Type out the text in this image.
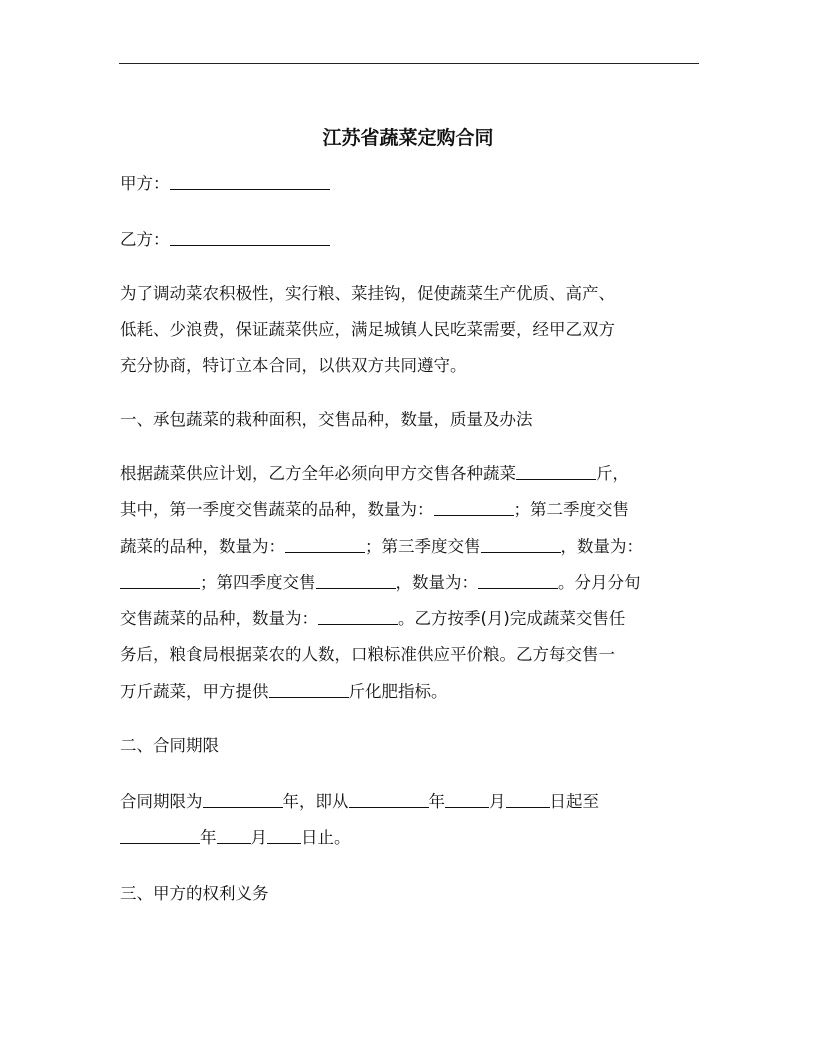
江苏省蔬菜定购合同
甲方：
乙方：
为了调动菜农积极性，实行粮、菜挂钩，促使蔬菜生产优质、高产、
低耗、少浪费，保证蔬菜供应，满足城镇人民吃菜需要，经甲乙双方
充分协商，特订立本合同，以供双方共同遵守。
一、承包蔬菜的栽种面积，交售品种，数量，质量及办法
根据蔬菜供应计划，乙方全年必须向甲方交售各种蔬菜	斤，
其中，第一季度交售蔬菜的品种，数量为：	；第二季度交售
蔬菜的品种，数量为：	；第三季度交售	，数量为：
；第四季度交售	，数量为：	。分月分旬
交售蔬菜的品种，数量为：	。乙方按季(月)完成蔬菜交售任
务后，粮食局根据菜农的人数，口粮标准供应平价粮。乙方每交售一
万斤蔬菜，甲方提供	斤化肥指标。
二、合同期限
合同期限为	年，即从	年	月	日起至
年 月 日止。
三、甲方的权利义务
